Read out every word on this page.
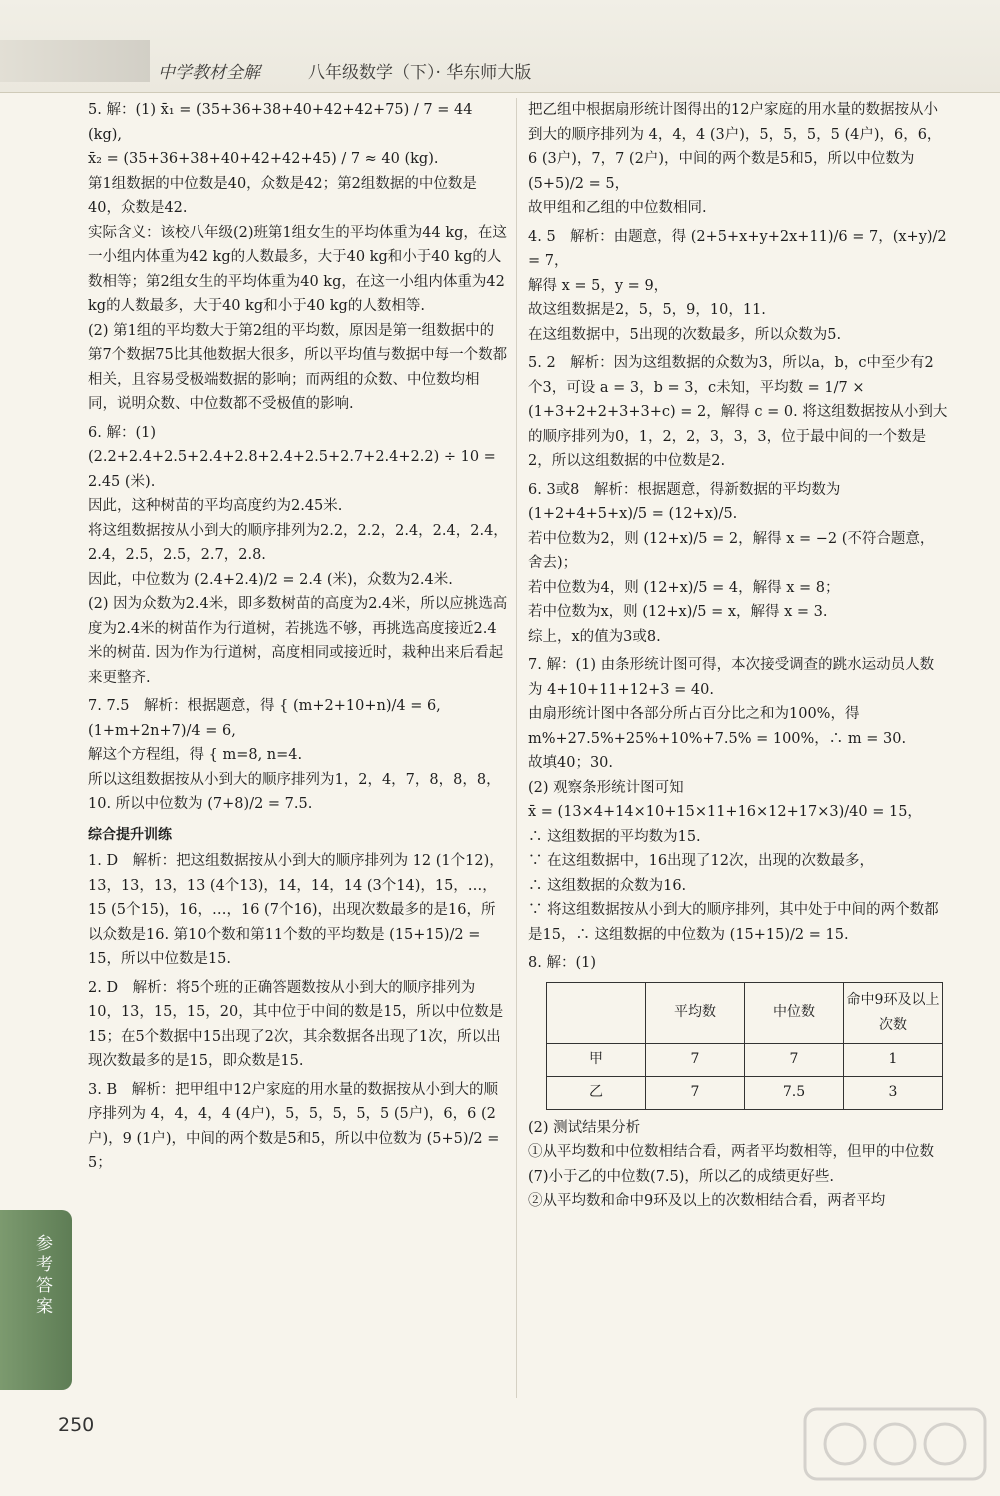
中学教材全解	八年级数学（下）· 华东师大版

5. 解：(1) x̄₁ = (35+36+38+40+42+42+75) / 7 = 44 (kg),

x̄₂ = (35+36+38+40+42+42+45) / 7 ≈ 40 (kg).

第1组数据的中位数是40，众数是42；第2组数据的中位数是40，众数是42.

实际含义：该校八年级(2)班第1组女生的平均体重为44 kg，在这一小组内体重为42 kg的人数最多，大于40 kg和小于40 kg的人数相等；第2组女生的平均体重为40 kg，在这一小组内体重为42 kg的人数最多，大于40 kg和小于40 kg的人数相等.

(2) 第1组的平均数大于第2组的平均数，原因是第一组数据中的第7个数据75比其他数据大很多，所以平均值与数据中每一个数都相关，且容易受极端数据的影响；而两组的众数、中位数均相同，说明众数、中位数都不受极值的影响.

6. 解：(1) (2.2+2.4+2.5+2.4+2.8+2.4+2.5+2.7+2.4+2.2) ÷ 10 = 2.45 (米).

因此，这种树苗的平均高度约为2.45米.

将这组数据按从小到大的顺序排列为2.2，2.2，2.4，2.4，2.4，2.4，2.5，2.5，2.7，2.8.

因此，中位数为 (2.4+2.4)/2 = 2.4 (米)，众数为2.4米.

(2) 因为众数为2.4米，即多数树苗的高度为2.4米，所以应挑选高度为2.4米的树苗作为行道树，若挑选不够，再挑选高度接近2.4米的树苗. 因为作为行道树，高度相同或接近时，栽种出来后看起来更整齐.

7. 7.5　解析：根据题意，得 { (m+2+10+n)/4 = 6, (1+m+2n+7)/4 = 6,

解这个方程组，得 { m=8, n=4.

所以这组数据按从小到大的顺序排列为1，2，4，7，8，8，8，10. 所以中位数为 (7+8)/2 = 7.5.

综合提升训练

1. D　解析：把这组数据按从小到大的顺序排列为 12 (1个12)，13，13，13，13 (4个13)，14，14，14 (3个14)，15，…，15 (5个15)，16，…，16 (7个16)，出现次数最多的是16，所以众数是16. 第10个数和第11个数的平均数是 (15+15)/2 = 15，所以中位数是15.

2. D　解析：将5个班的正确答题数按从小到大的顺序排列为10，13，15，15，20，其中位于中间的数是15，所以中位数是15；在5个数据中15出现了2次，其余数据各出现了1次，所以出现次数最多的是15，即众数是15.

3. B　解析：把甲组中12户家庭的用水量的数据按从小到大的顺序排列为 4，4，4，4 (4户)，5，5，5，5，5 (5户)，6，6 (2户)，9 (1户)，中间的两个数是5和5，所以中位数为 (5+5)/2 = 5；

把乙组中根据扇形统计图得出的12户家庭的用水量的数据按从小到大的顺序排列为 4，4，4 (3户)，5，5，5，5 (4户)，6，6，6 (3户)，7，7 (2户)，中间的两个数是5和5，所以中位数为 (5+5)/2 = 5，

故甲组和乙组的中位数相同.

4. 5　解析：由题意，得 (2+5+x+y+2x+11)/6 = 7，(x+y)/2 = 7，

解得 x = 5，y = 9，

故这组数据是2，5，5，9，10，11.

在这组数据中，5出现的次数最多，所以众数为5.

5. 2　解析：因为这组数据的众数为3，所以a，b，c中至少有2个3，可设 a = 3，b = 3，c未知，平均数 = 1/7 × (1+3+2+2+3+3+c) = 2，解得 c = 0. 将这组数据按从小到大的顺序排列为0，1，2，2，3，3，3，位于最中间的一个数是2，所以这组数据的中位数是2.

6. 3或8　解析：根据题意，得新数据的平均数为 (1+2+4+5+x)/5 = (12+x)/5.

若中位数为2，则 (12+x)/5 = 2，解得 x = −2 (不符合题意，舍去)；

若中位数为4，则 (12+x)/5 = 4，解得 x = 8；

若中位数为x，则 (12+x)/5 = x，解得 x = 3.

综上，x的值为3或8.

7. 解：(1) 由条形统计图可得，本次接受调查的跳水运动员人数为 4+10+11+12+3 = 40.

由扇形统计图中各部分所占百分比之和为100%，得 m%+27.5%+25%+10%+7.5% = 100%，∴ m = 30.

故填40；30.

(2) 观察条形统计图可知

x̄ = (13×4+14×10+15×11+16×12+17×3)/40 = 15，

∴ 这组数据的平均数为15.

∵ 在这组数据中，16出现了12次，出现的次数最多，

∴ 这组数据的众数为16.

∵ 将这组数据按从小到大的顺序排列，其中处于中间的两个数都是15，∴ 这组数据的中位数为 (15+15)/2 = 15.

8. 解：(1)

	平均数	中位数	命中9环及以上次数
甲	7	7	1
乙	7	7.5	3

(2) 测试结果分析

①从平均数和中位数相结合看，两者平均数相等，但甲的中位数(7)小于乙的中位数(7.5)，所以乙的成绩更好些.

②从平均数和命中9环及以上的次数相结合看，两者平均

参考答案
250
